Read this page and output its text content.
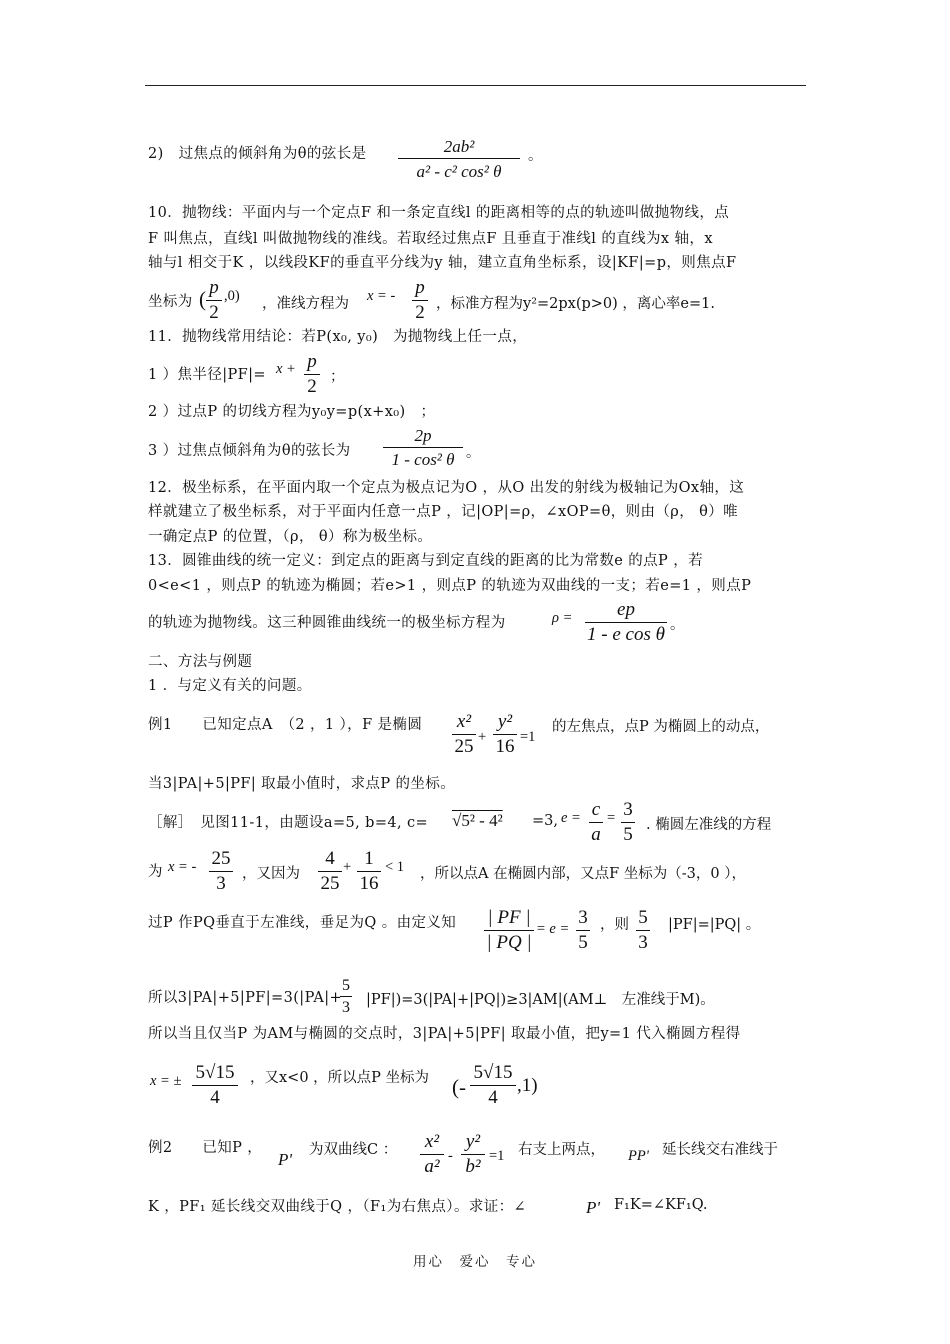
2)　过焦点的倾斜角为θ的弦长是	2ab²
a² - c² cos² θ
。
10．抛物线：平面内与一个定点F 和一条定直线l 的距离相等的点的轨迹叫做抛物线，点
F 叫焦点，直线l 叫做抛物线的准线。若取经过焦点F 且垂直于准线l 的直线为x 轴，x
轴与l 相交于K ，以线段KF的垂直平分线为y 轴，建立直角坐标系，设|KF|=p，则焦点F
坐标为 ( p
2
,0) ，准线方程为 x = - p
2 ，标准方程为y²=2px(p>0) ，离心率e=1.
11．抛物线常用结论：若P(x₀, y₀)　为抛物线上任一点，
1 ）焦半径|PF|= x + p
2 ；
2 ）过点P 的切线方程为y₀y=p(x+x₀)　；
3 ）过焦点倾斜角为θ的弦长为
2p
1 - cos² θ 。
12．极坐标系，在平面内取一个定点为极点记为O ，从O 出发的射线为极轴记为Ox轴，这
样就建立了极坐标系，对于平面内任意一点P ，记|OP|=ρ，∠xOP=θ，则由（ρ， θ）唯
一确定点P 的位置，（ρ， θ）称为极坐标。
13．圆锥曲线的统一定义：到定点的距离与到定直线的距离的比为常数e 的点P ，若
0<e<1 ，则点P 的轨迹为椭圆；若e>1 ，则点P 的轨迹为双曲线的一支；若e=1 ，则点P
的轨迹为抛物线。这三种圆锥曲线统一的极坐标方程为	ρ =	ep
1 - e cos θ 。
二、方法与例题
1 ．与定义有关的问题。
例1　　已知定点A　（2 ，1 ），F 是椭圆 x²
25 +
y²
16 =1
的左焦点，点P 为椭圆上的动点，
当3|PA|+5|PF| 取最小值时，求点P 的坐标。
［解］　见图11-1，由题设a=5, b=4, c= √5² - 4² =3, e = c
a
= 3
5 . 椭圆左准线的方程
为 x = - 25
3	，又因为
4
25
+ 1
16
< 1 ，所以点A 在椭圆内部，又点F 坐标为（-3，0 ），
过P 作PQ垂直于左准线，垂足为Q 。由定义知 | PF |
| PQ |
= e =
3
5
，则 5
3
|PF|=|PQ| 。
所以3|PA|+5|PF|=3(|PA|+
5
3 |PF|)=3(|PA|+|PQ|)≥3|AM|(AM⊥　左准线于M)。
所以当且仅当P 为AM与椭圆的交点时，3|PA|+5|PF| 取最小值，把y=1 代入椭圆方程得
x = ± 5√15
4
，又x<0 ，所以点P 坐标为 (-
5√15
4
,1)
例2　　已知P ，
P' 为双曲线C ： x²
a² -
y²
b² =1 右支上两点， PP' 延长线交右准线于
K ，PF₁ 延长线交双曲线于Q ，（F₁为右焦点）。求证：∠	P' F₁K=∠KF₁Q.
用心　爱心　专心
